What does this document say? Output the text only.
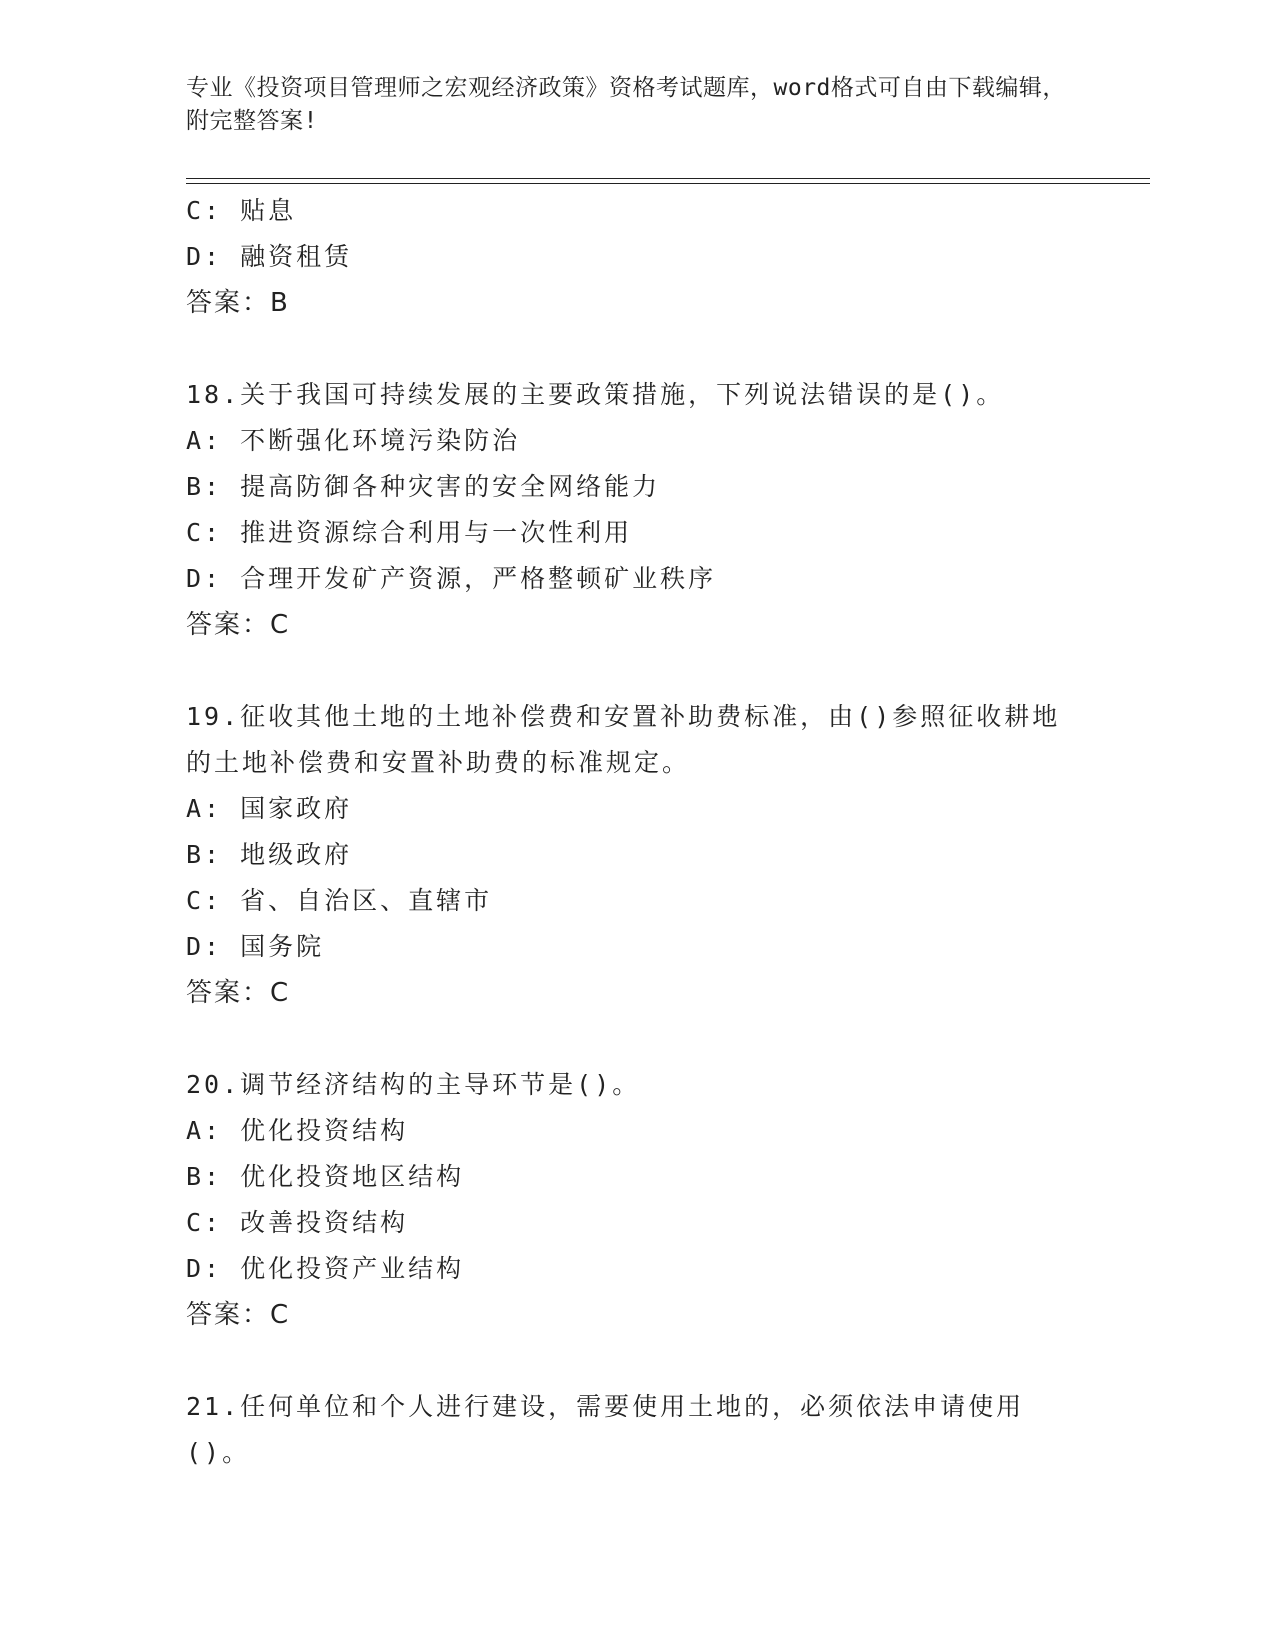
专业《投资项目管理师之宏观经济政策》资格考试题库，word格式可自由下载编辑，附完整答案!
C: 贴息
D: 融资租赁
答案：B
18.关于我国可持续发展的主要政策措施，下列说法错误的是()。
A: 不断强化环境污染防治
B: 提高防御各种灾害的安全网络能力
C: 推进资源综合利用与一次性利用
D: 合理开发矿产资源，严格整顿矿业秩序
答案：C
19.征收其他土地的土地补偿费和安置补助费标准，由()参照征收耕地的土地补偿费和安置补助费的标准规定。
A: 国家政府
B: 地级政府
C: 省、自治区、直辖市
D: 国务院
答案：C
20.调节经济结构的主导环节是()。
A: 优化投资结构
B: 优化投资地区结构
C: 改善投资结构
D: 优化投资产业结构
答案：C
21.任何单位和个人进行建设，需要使用土地的，必须依法申请使用()。
